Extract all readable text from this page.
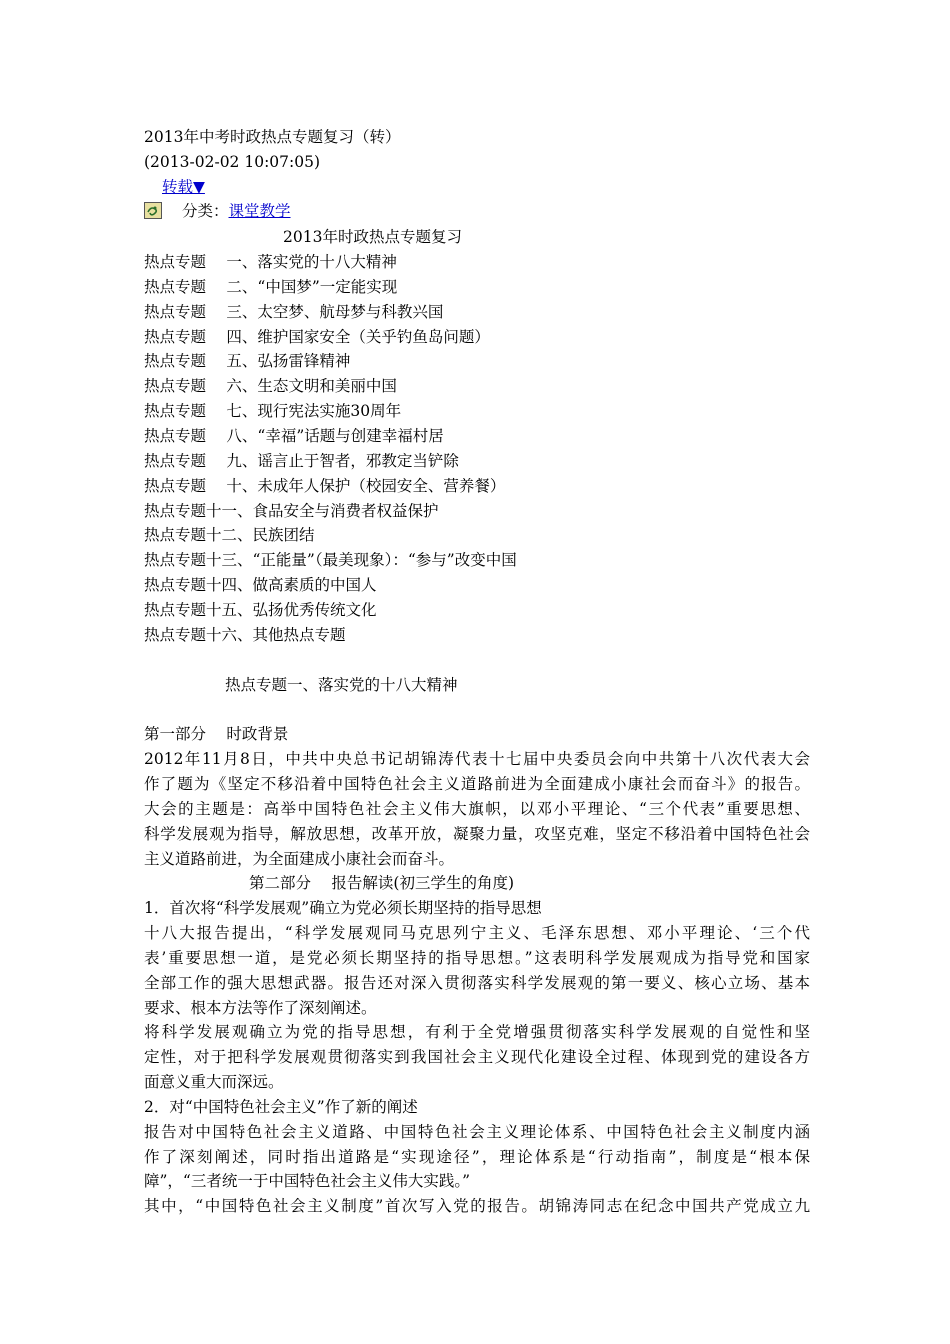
2013年中考时政热点专题复习（转）
(2013-02-02 10:07:05)
转载▼
分类：课堂教学
2013年时政热点专题复习
热点专题　 一、落实党的十八大精神
热点专题　 二、“中国梦”一定能实现
热点专题　 三、太空梦、航母梦与科教兴国
热点专题　 四、维护国家安全（关乎钓鱼岛问题）
热点专题　 五、弘扬雷锋精神
热点专题　 六、生态文明和美丽中国
热点专题　 七、现行宪法实施30周年
热点专题　 八、“幸福”话题与创建幸福村居
热点专题　 九、谣言止于智者，邪教定当铲除
热点专题　 十、未成年人保护（校园安全、营养餐）
热点专题十一、食品安全与消费者权益保护
热点专题十二、民族团结
热点专题十三、“正能量”（最美现象）：“参与”改变中国
热点专题十四、做高素质的中国人
热点专题十五、弘扬优秀传统文化
热点专题十六、其他热点专题
热点专题一、落实党的十八大精神
第一部分　 时政背景
2012年11月8日，中共中央总书记胡锦涛代表十七届中央委员会向中共第十八次代表大会
作了题为《坚定不移沿着中国特色社会主义道路前进为全面建成小康社会而奋斗》的报告。
大会的主题是：高举中国特色社会主义伟大旗帜，以邓小平理论、“三个代表”重要思想、
科学发展观为指导，解放思想，改革开放，凝聚力量，攻坚克难，坚定不移沿着中国特色社会
主义道路前进，为全面建成小康社会而奋斗。
第二部分　 报告解读(初三学生的角度)
1．首次将“科学发展观”确立为党必须长期坚持的指导思想
十八大报告提出，“科学发展观同马克思列宁主义、毛泽东思想、邓小平理论、‘三个代
表’重要思想一道，是党必须长期坚持的指导思想。”这表明科学发展观成为指导党和国家
全部工作的强大思想武器。报告还对深入贯彻落实科学发展观的第一要义、核心立场、基本
要求、根本方法等作了深刻阐述。
将科学发展观确立为党的指导思想，有利于全党增强贯彻落实科学发展观的自觉性和坚
定性，对于把科学发展观贯彻落实到我国社会主义现代化建设全过程、体现到党的建设各方
面意义重大而深远。
2．对“中国特色社会主义”作了新的阐述
报告对中国特色社会主义道路、中国特色社会主义理论体系、中国特色社会主义制度内涵
作了深刻阐述，同时指出道路是“实现途径”，理论体系是“行动指南”，制度是“根本保
障”，“三者统一于中国特色社会主义伟大实践。”
其中，“中国特色社会主义制度”首次写入党的报告。胡锦涛同志在纪念中国共产党成立九
